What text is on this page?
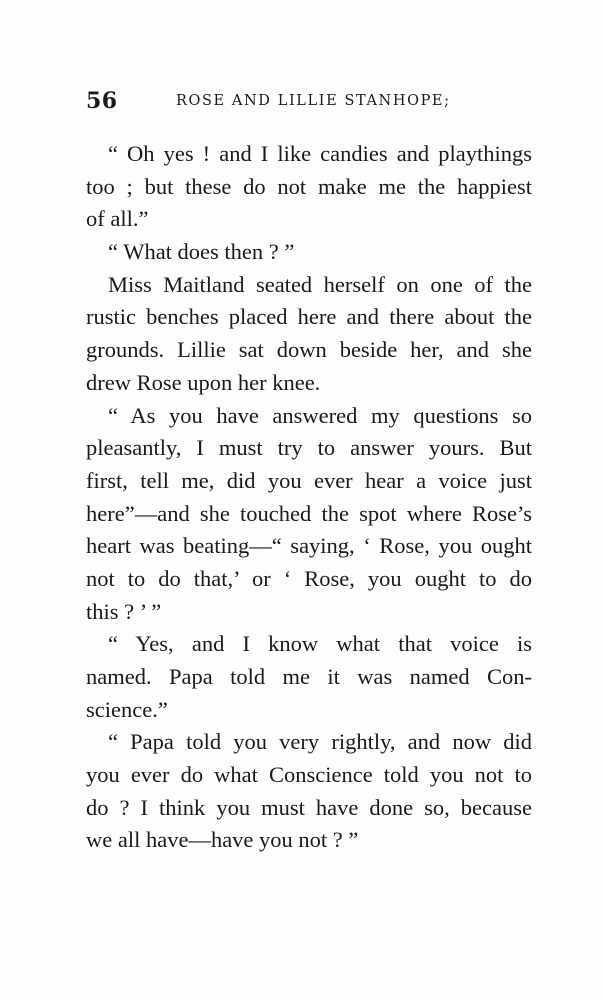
56	ROSE AND LILLIE STANHOPE;
“ Oh yes ! and I like candies and playthings
too ; but these do not make me the happiest
of all.”
“ What does then ? ”
Miss Maitland seated herself on one of the
rustic benches placed here and there about the
grounds. Lillie sat down beside her, and she
drew Rose upon her knee.
“ As you have answered my questions so
pleasantly, I must try to answer yours. But
first, tell me, did you ever hear a voice just
here”—and she touched the spot where Rose’s
heart was beating—“ saying, ‘ Rose, you ought
not to do that,’ or ‘ Rose, you ought to do
this ? ’ ”
“ Yes, and I know what that voice is
named. Papa told me it was named Con-
science.”
“ Papa told you very rightly, and now did
you ever do what Conscience told you not to
do ? I think you must have done so, because
we all have—have you not ? ”
